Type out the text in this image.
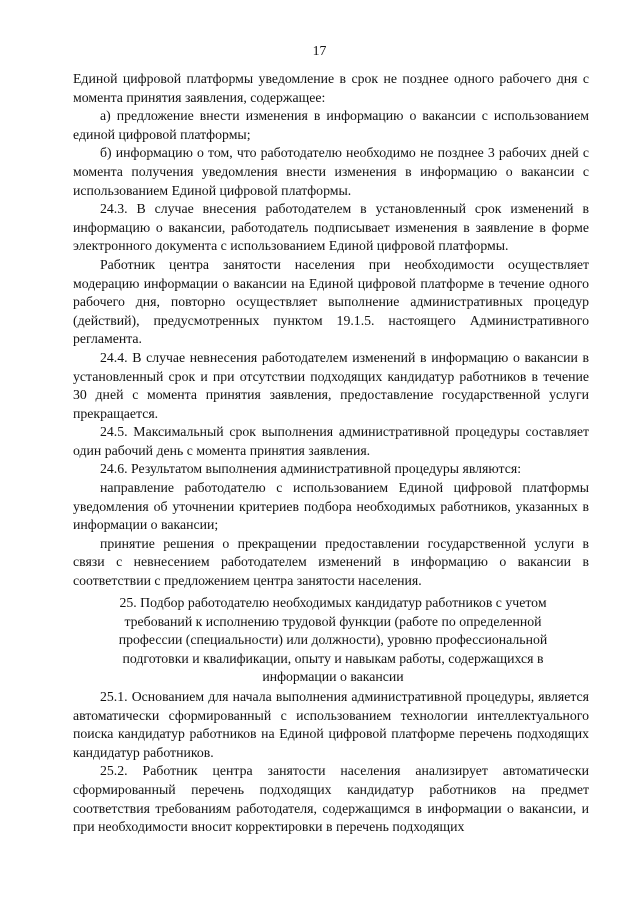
17

Единой цифровой платформы уведомление в срок не позднее одного рабочего дня с момента принятия заявления, содержащее:

а) предложение внести изменения в информацию о вакансии с использованием единой цифровой платформы;

б) информацию о том, что работодателю необходимо не позднее 3 рабочих дней с момента получения уведомления внести изменения в информацию о вакансии с использованием Единой цифровой платформы.

24.3. В случае внесения работодателем в установленный срок изменений в информацию о вакансии, работодатель подписывает изменения в заявление в форме электронного документа с использованием Единой цифровой платформы.

Работник центра занятости населения при необходимости осуществляет модерацию информации о вакансии на Единой цифровой платформе в течение одного рабочего дня, повторно осуществляет выполнение административных процедур (действий), предусмотренных пунктом 19.1.5. настоящего Административного регламента.

24.4. В случае невнесения работодателем изменений в информацию о вакансии в установленный срок и при отсутствии подходящих кандидатур работников в течение 30 дней с момента принятия заявления, предоставление государственной услуги прекращается.

24.5. Максимальный срок выполнения административной процедуры составляет один рабочий день с момента принятия заявления.

24.6. Результатом выполнения административной процедуры являются:

направление работодателю с использованием Единой цифровой платформы уведомления об уточнении критериев подбора необходимых работников, указанных в информации о вакансии;

принятие решения о прекращении предоставлении государственной услуги в связи с невнесением работодателем изменений в информацию о вакансии в соответствии с предложением центра занятости населения.

25. Подбор работодателю необходимых кандидатур работников с учетом
требований к исполнению трудовой функции (работе по определенной
профессии (специальности) или должности), уровню профессиональной
подготовки и квалификации, опыту и навыкам работы, содержащихся в
информации о вакансии

25.1. Основанием для начала выполнения административной процедуры, является автоматически сформированный с использованием технологии интеллектуального поиска кандидатур работников на Единой цифровой платформе перечень подходящих кандидатур работников.

25.2. Работник центра занятости населения анализирует автоматически сформированный перечень подходящих кандидатур работников на предмет соответствия требованиям работодателя, содержащимся в информации о вакансии, и при необходимости вносит корректировки в перечень подходящих
